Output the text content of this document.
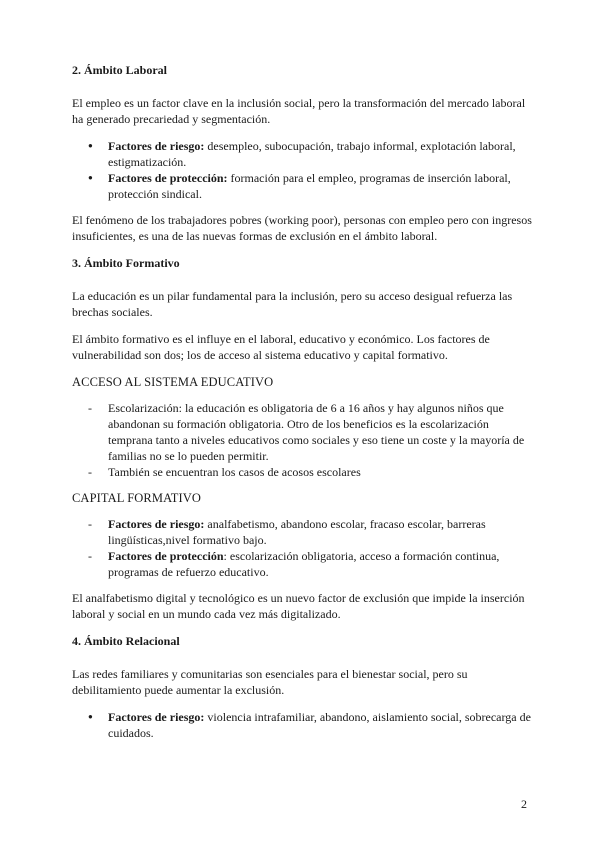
2. Ámbito Laboral

El empleo es un factor clave en la inclusión social, pero la transformación del mercado laboral ha generado precariedad y segmentación.

●
Factores de riesgo: desempleo, subocupación, trabajo informal, explotación laboral, estigmatización.
●
Factores de protección: formación para el empleo, programas de inserción laboral, protección sindical.

El fenómeno de los trabajadores pobres (working poor), personas con empleo pero con ingresos insuficientes, es una de las nuevas formas de exclusión en el ámbito laboral.

3. Ámbito Formativo

La educación es un pilar fundamental para la inclusión, pero su acceso desigual refuerza las brechas sociales.

El ámbito formativo es el influye en el laboral, educativo y económico. Los factores de vulnerabilidad son dos; los de acceso al sistema educativo y capital formativo.

ACCESO AL SISTEMA EDUCATIVO
-
Escolarización: la educación es obligatoria de 6 a 16 años y hay algunos niños que abandonan su formación obligatoria. Otro de los beneficios es la escolarización temprana tanto a niveles educativos como sociales y eso tiene un coste y la mayoría de familias no se lo pueden permitir.
-
También se encuentran los casos de acosos escolares
CAPITAL FORMATIVO
-
Factores de riesgo: analfabetismo, abandono escolar, fracaso escolar, barreras lingüísticas,nivel formativo bajo.
-
Factores de protección: escolarización obligatoria, acceso a formación continua, programas de refuerzo educativo.

El analfabetismo digital y tecnológico es un nuevo factor de exclusión que impide la inserción laboral y social en un mundo cada vez más digitalizado.

4. Ámbito Relacional

Las redes familiares y comunitarias son esenciales para el bienestar social, pero su debilitamiento puede aumentar la exclusión.

●
Factores de riesgo: violencia intrafamiliar, abandono, aislamiento social, sobrecarga de cuidados.
2
